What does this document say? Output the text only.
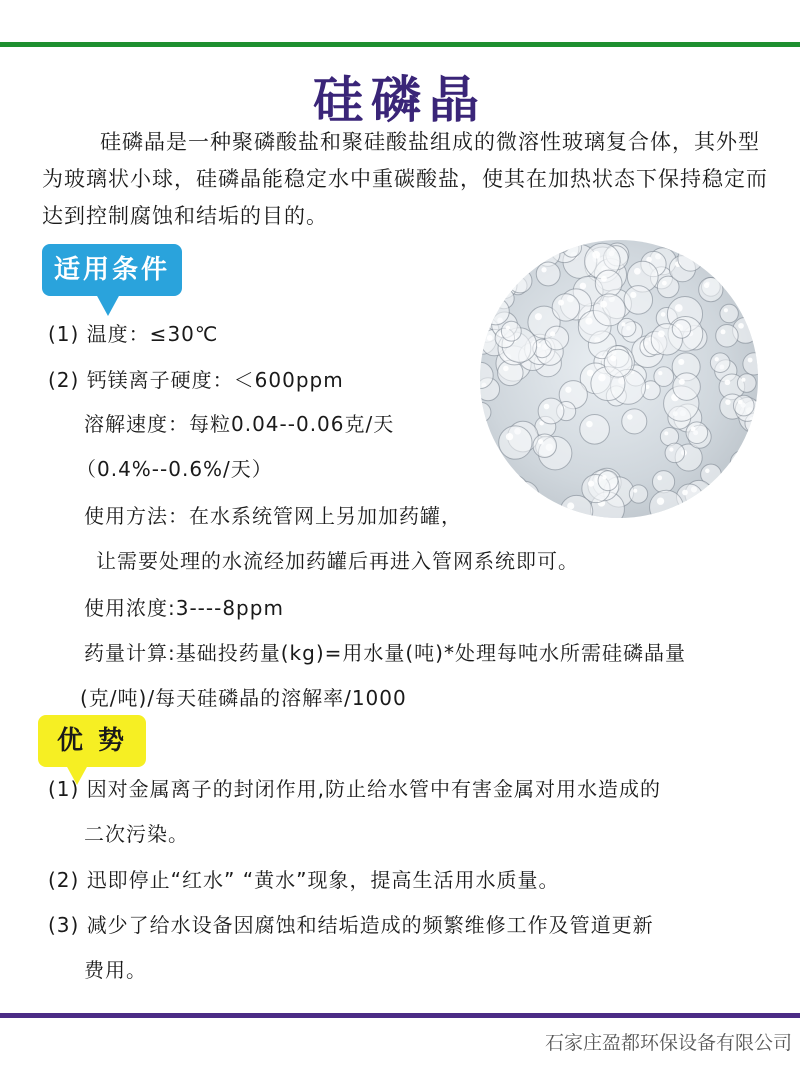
硅磷晶
硅磷晶是一种聚磷酸盐和聚硅酸盐组成的微溶性玻璃复合体，其外型为玻璃状小球，硅磷晶能稳定水中重碳酸盐，使其在加热状态下保持稳定而达到控制腐蚀和结垢的目的。
适用条件
(1) 温度：≤30℃
(2) 钙镁离子硬度：＜600ppm
溶解速度：每粒0.04--0.06克/天
（0.4%--0.6%/天）
使用方法：在水系统管网上另加加药罐，
让需要处理的水流经加药罐后再进入管网系统即可。
使用浓度:3----8ppm
药量计算:基础投药量(kg)=用水量(吨)*处理每吨水所需硅磷晶量
(克/吨)/每天硅磷晶的溶解率/1000
优 势
(1) 因对金属离子的封闭作用,防止给水管中有害金属对用水造成的
二次污染。
(2) 迅即停止“红水” “黄水”现象，提高生活用水质量。
(3) 减少了给水设备因腐蚀和结垢造成的频繁维修工作及管道更新
费用。
石家庄盈都环保设备有限公司
